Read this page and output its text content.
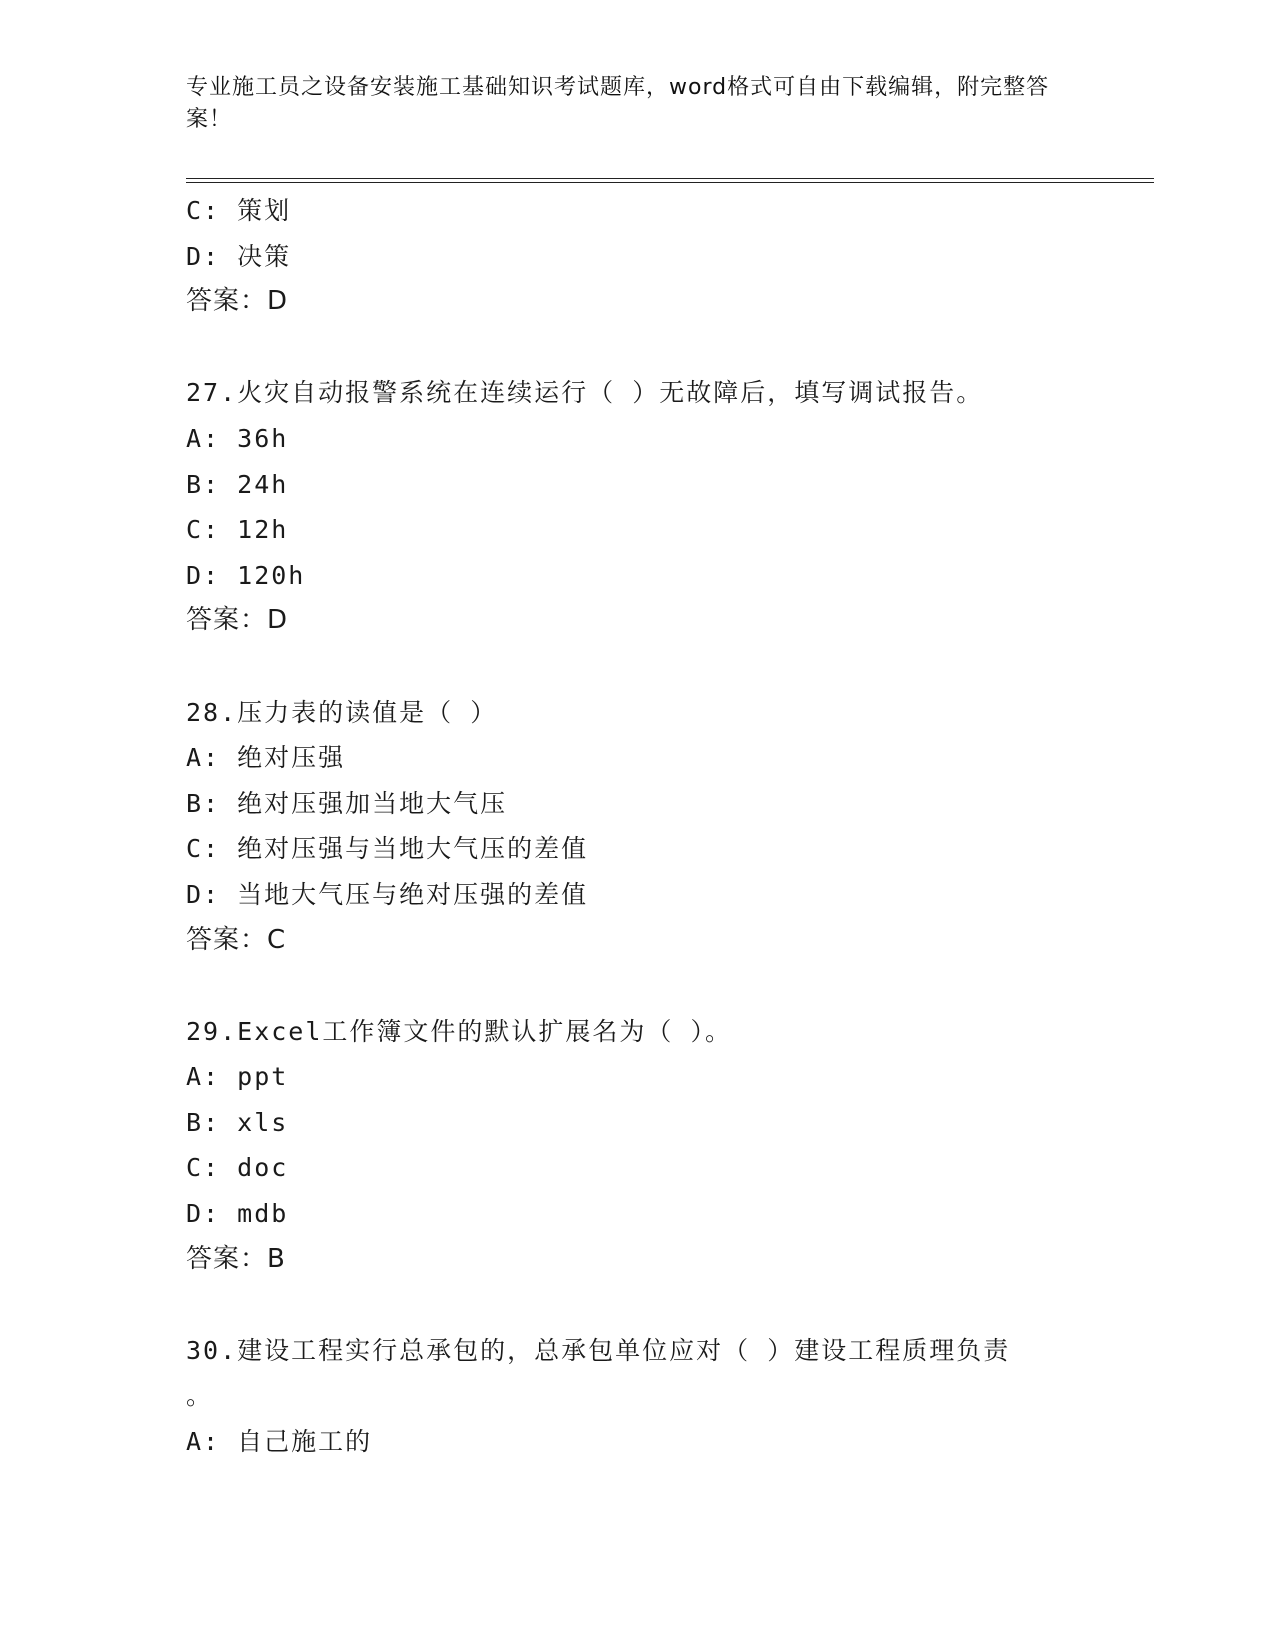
专业施工员之设备安装施工基础知识考试题库，word格式可自由下载编辑，附完整答案！
C: 策划
D: 决策
答案：D
27.火灾自动报警系统在连续运行（ ）无故障后，填写调试报告。
A: 36h
B: 24h
C: 12h
D: 120h
答案：D
28.压力表的读值是（ ）
A: 绝对压强
B: 绝对压强加当地大气压
C: 绝对压强与当地大气压的差值
D: 当地大气压与绝对压强的差值
答案：C
29.Excel工作簿文件的默认扩展名为（ ）。
A: ppt
B: xls
C: doc
D: mdb
答案：B
30.建设工程实行总承包的，总承包单位应对（ ）建设工程质理负责
。
A: 自己施工的
